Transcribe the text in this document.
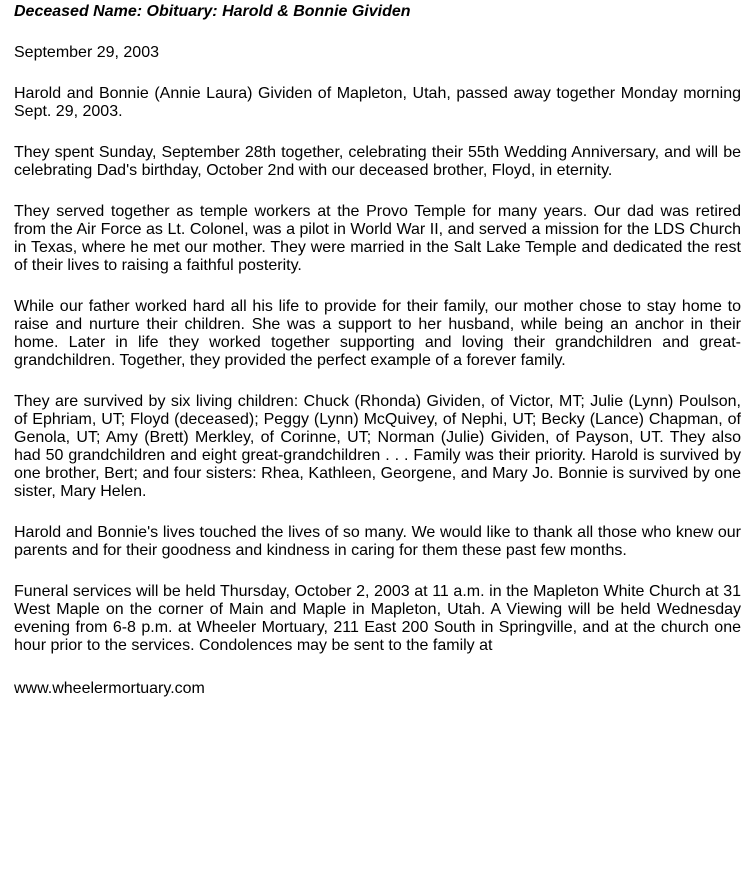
Deceased Name: Obituary: Harold & Bonnie Gividen

September 29, 2003

Harold and Bonnie (Annie Laura) Gividen of Mapleton, Utah, passed away together Monday morning Sept. 29, 2003.

They spent Sunday, September 28th together, celebrating their 55th Wedding Anniversary, and will be celebrating Dad's birthday, October 2nd with our deceased brother, Floyd, in eternity.

They served together as temple workers at the Provo Temple for many years. Our dad was retired from the Air Force as Lt. Colonel, was a pilot in World War II, and served a mission for the LDS Church in Texas, where he met our mother. They were married in the Salt Lake Temple and dedicated the rest of their lives to raising a faithful posterity.

While our father worked hard all his life to provide for their family, our mother chose to stay home to raise and nurture their children. She was a support to her husband, while being an anchor in their home. Later in life they worked together supporting and loving their grandchildren and great-grandchildren. Together, they provided the perfect example of a forever family.

They are survived by six living children: Chuck (Rhonda) Gividen, of Victor, MT; Julie (Lynn) Poulson, of Ephriam, UT; Floyd (deceased); Peggy (Lynn) McQuivey, of Nephi, UT; Becky (Lance) Chapman, of Genola, UT; Amy (Brett) Merkley, of Corinne, UT; Norman (Julie) Gividen, of Payson, UT. They also had 50 grandchildren and eight great-grandchildren . . . Family was their priority. Harold is survived by one brother, Bert; and four sisters: Rhea, Kathleen, Georgene, and Mary Jo. Bonnie is survived by one sister, Mary Helen.

Harold and Bonnie's lives touched the lives of so many. We would like to thank all those who knew our parents and for their goodness and kindness in caring for them these past few months.

Funeral services will be held Thursday, October 2, 2003 at 11 a.m. in the Mapleton White Church at 31 West Maple on the corner of Main and Maple in Mapleton, Utah. A Viewing will be held Wednesday evening from 6-8 p.m. at Wheeler Mortuary, 211 East 200 South in Springville, and at the church one hour prior to the services. Condolences may be sent to the family at

www.wheelermortuary.com
